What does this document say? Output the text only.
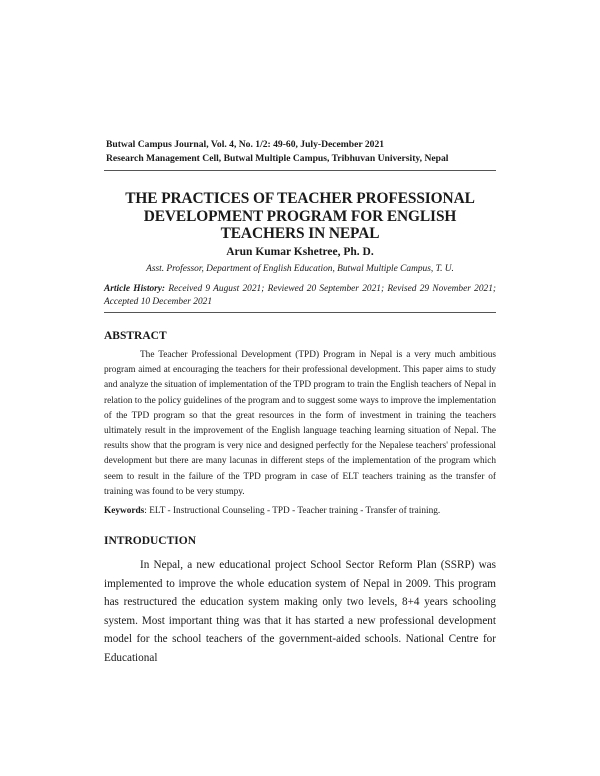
Butwal Campus Journal, Vol. 4, No. 1/2: 49-60, July-December 2021
Research Management Cell, Butwal Multiple Campus, Tribhuvan University, Nepal
THE PRACTICES OF TEACHER PROFESSIONAL DEVELOPMENT PROGRAM FOR ENGLISH TEACHERS IN NEPAL
Arun Kumar Kshetree, Ph. D.
Asst. Professor, Department of English Education, Butwal Multiple Campus, T. U.
Article History: Received 9 August 2021; Reviewed 20 September 2021; Revised 29 November 2021; Accepted 10 December 2021
ABSTRACT

The Teacher Professional Development (TPD) Program in Nepal is a very much ambitious program aimed at encouraging the teachers for their professional development. This paper aims to study and analyze the situation of implementation of the TPD program to train the English teachers of Nepal in relation to the policy guidelines of the program and to suggest some ways to improve the implementation of the TPD program so that the great resources in the form of investment in training the teachers ultimately result in the improvement of the English language teaching learning situation of Nepal. The results show that the program is very nice and designed perfectly for the Nepalese teachers' professional development but there are many lacunas in different steps of the implementation of the program which seem to result in the failure of the TPD program in case of ELT teachers training as the transfer of training was found to be very stumpy.

Keywords: ELT - Instructional Counseling - TPD - Teacher training - Transfer of training.
INTRODUCTION

In Nepal, a new educational project School Sector Reform Plan (SSRP) was implemented to improve the whole education system of Nepal in 2009. This program has restructured the education system making only two levels, 8+4 years schooling system. Most important thing was that it has started a new professional development model for the school teachers of the government-aided schools. National Centre for Educational
